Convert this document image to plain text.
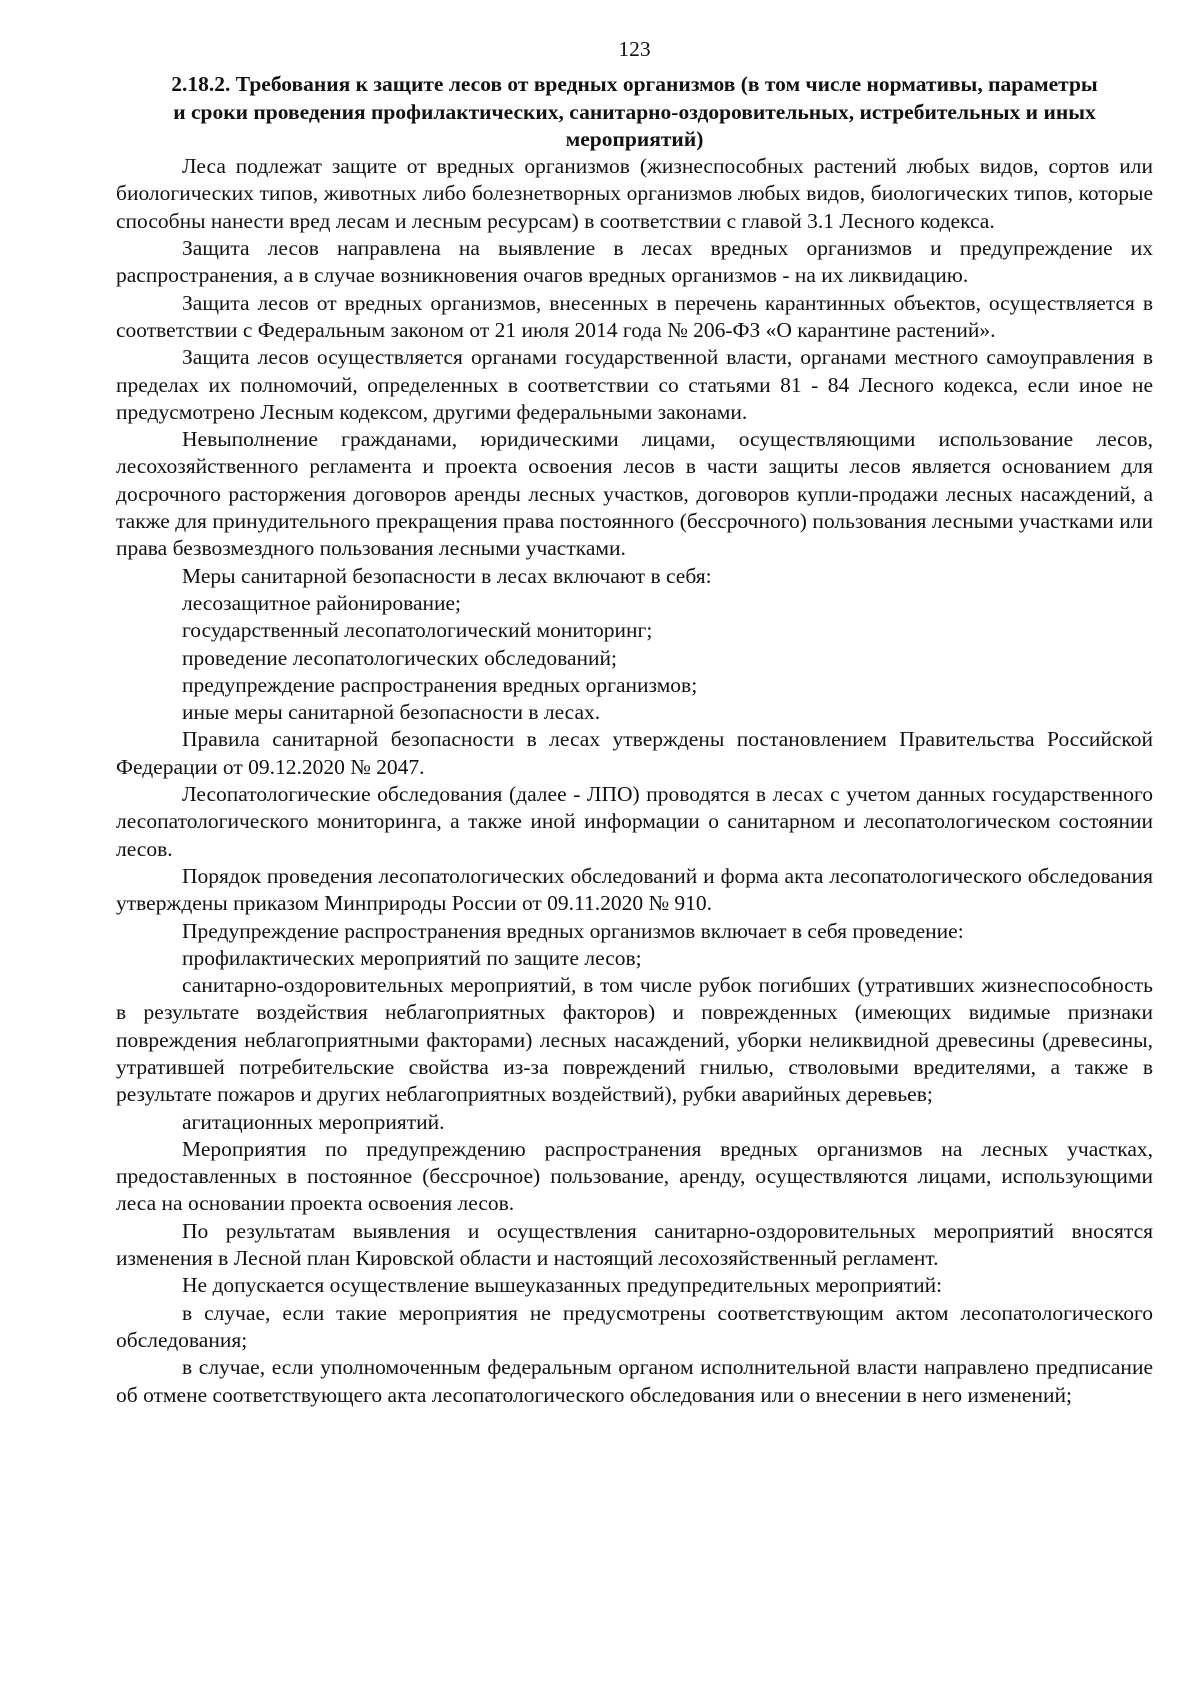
123
2.18.2. Требования к защите лесов от вредных организмов (в том числе нормативы, параметры и сроки проведения профилактических, санитарно-оздоровительных, истребительных и иных мероприятий)

Леса подлежат защите от вредных организмов (жизнеспособных растений любых видов, сортов или биологических типов, животных либо болезнетворных организмов любых видов, биологических типов, которые способны нанести вред лесам и лесным ресурсам) в соответствии с главой 3.1 Лесного кодекса.

Защита лесов направлена на выявление в лесах вредных организмов и предупреждение их распространения, а в случае возникновения очагов вредных организмов - на их ликвидацию.

Защита лесов от вредных организмов, внесенных в перечень карантинных объектов, осуществляется в соответствии с Федеральным законом от 21 июля 2014 года № 206-ФЗ «О карантине растений».

Защита лесов осуществляется органами государственной власти, органами местного самоуправления в пределах их полномочий, определенных в соответствии со статьями 81 - 84 Лесного кодекса, если иное не предусмотрено Лесным кодексом, другими федеральными законами.

Невыполнение гражданами, юридическими лицами, осуществляющими использование лесов, лесохозяйственного регламента и проекта освоения лесов в части защиты лесов является основанием для досрочного расторжения договоров аренды лесных участков, договоров купли-продажи лесных насаждений, а также для принудительного прекращения права постоянного (бессрочного) пользования лесными участками или права безвозмездного пользования лесными участками.

Меры санитарной безопасности в лесах включают в себя:

лесозащитное районирование;

государственный лесопатологический мониторинг;

проведение лесопатологических обследований;

предупреждение распространения вредных организмов;

иные меры санитарной безопасности в лесах.

Правила санитарной безопасности в лесах утверждены постановлением Правительства Российской Федерации от 09.12.2020 № 2047.

Лесопатологические обследования (далее - ЛПО) проводятся в лесах с учетом данных государственного лесопатологического мониторинга, а также иной информации о санитарном и лесопатологическом состоянии лесов.

Порядок проведения лесопатологических обследований и форма акта лесопатологического обследования утверждены приказом Минприроды России от 09.11.2020 № 910.

Предупреждение распространения вредных организмов включает в себя проведение:

профилактических мероприятий по защите лесов;

санитарно-оздоровительных мероприятий, в том числе рубок погибших (утративших жизнеспособность в результате воздействия неблагоприятных факторов) и поврежденных (имеющих видимые признаки повреждения неблагоприятными факторами) лесных насаждений, уборки неликвидной древесины (древесины, утратившей потребительские свойства из-за повреждений гнилью, стволовыми вредителями, а также в результате пожаров и других неблагоприятных воздействий), рубки аварийных деревьев;

агитационных мероприятий.

Мероприятия по предупреждению распространения вредных организмов на лесных участках, предоставленных в постоянное (бессрочное) пользование, аренду, осуществляются лицами, использующими леса на основании проекта освоения лесов.

По результатам выявления и осуществления санитарно-оздоровительных мероприятий вносятся изменения в Лесной план Кировской области и настоящий лесохозяйственный регламент.

Не допускается осуществление вышеуказанных предупредительных мероприятий:

в случае, если такие мероприятия не предусмотрены соответствующим актом лесопатологического обследования;

в случае, если уполномоченным федеральным органом исполнительной власти направлено предписание об отмене соответствующего акта лесопатологического обследования или о внесении в него изменений;
